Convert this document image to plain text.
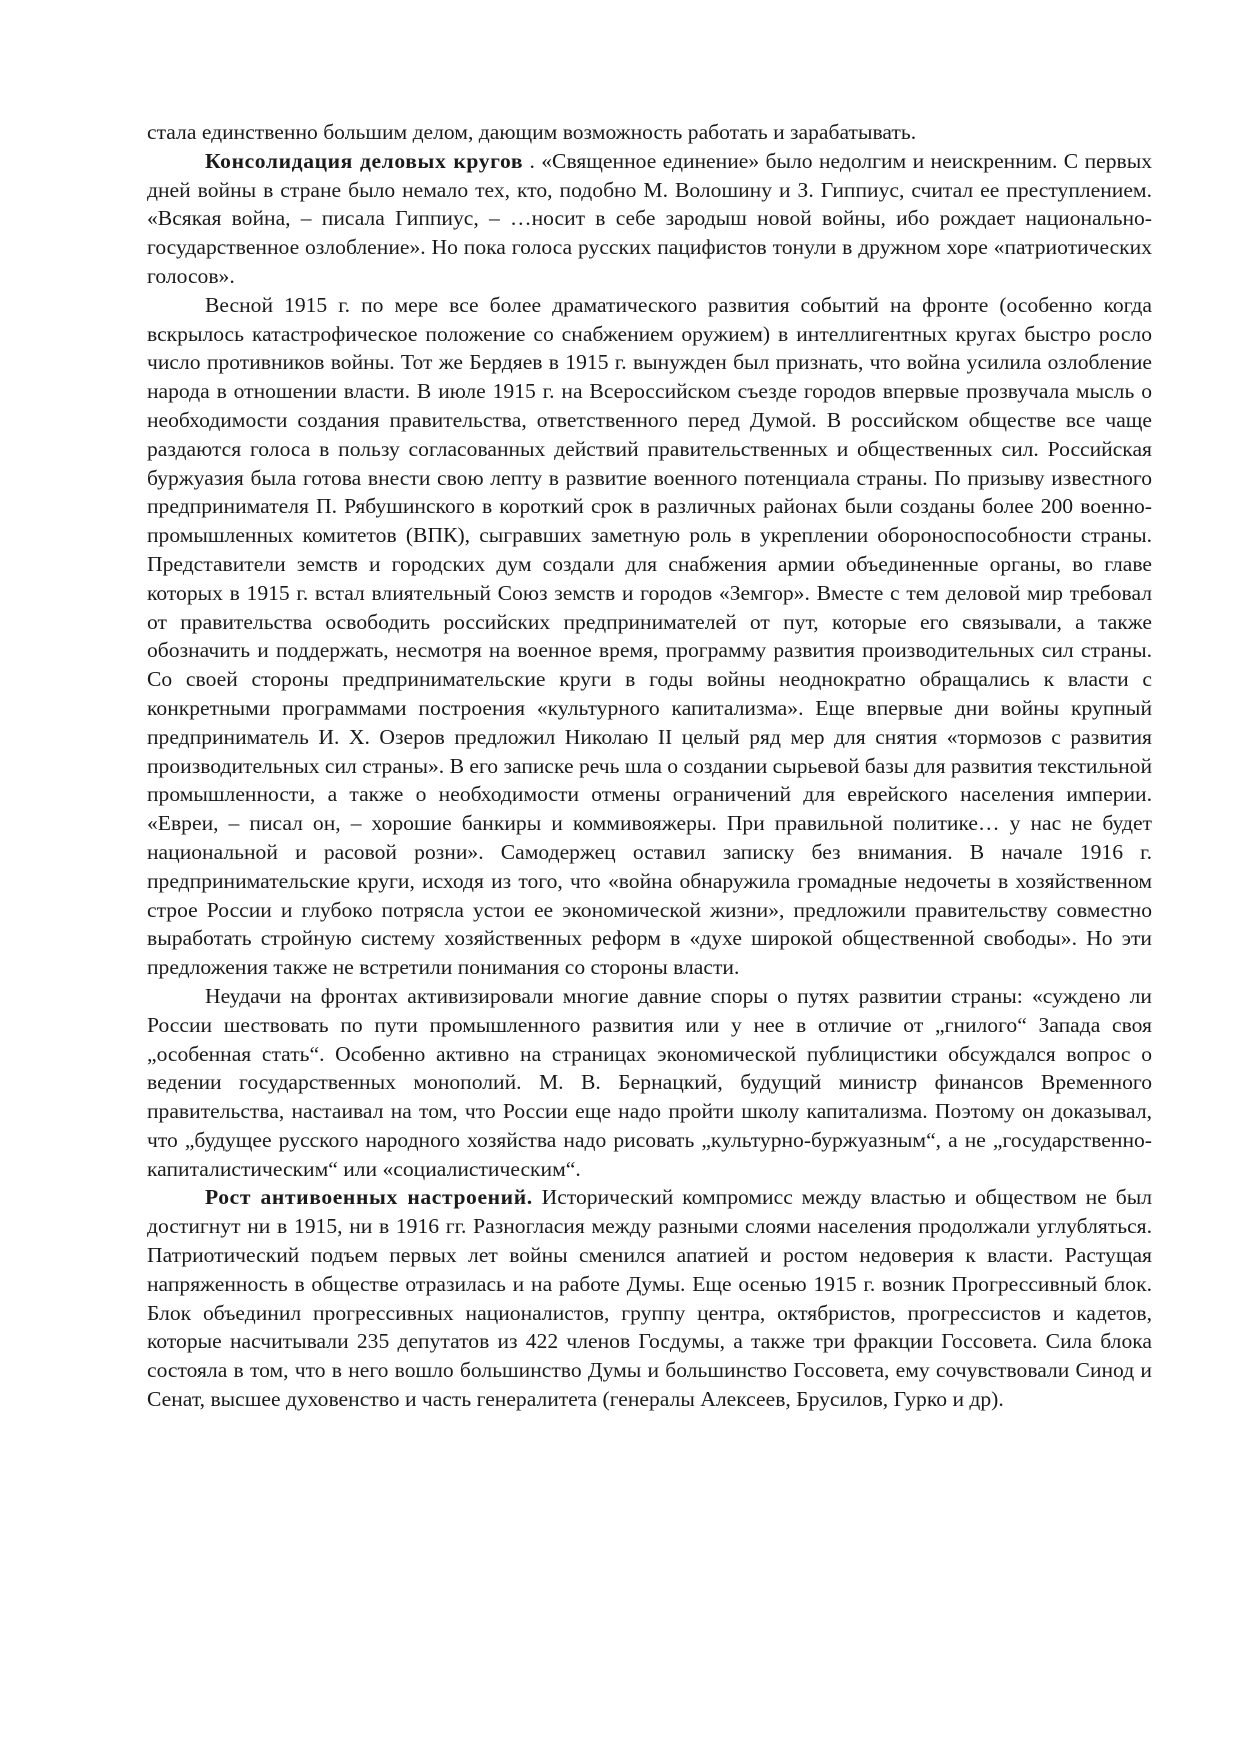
стала единственно большим делом, дающим возможность работать и зарабатывать.

Консолидация деловых кругов . «Священное единение» было недолгим и неискренним. С первых дней войны в стране было немало тех, кто, подобно М. Волошину и З. Гиппиус, считал ее преступлением. «Всякая война, – писала Гиппиус, – …носит в себе зародыш новой войны, ибо рождает национально-государственное озлобление». Но пока голоса русских пацифистов тонули в дружном хоре «патриотических голосов».

Весной 1915 г. по мере все более драматического развития событий на фронте (особенно когда вскрылось катастрофическое положение со снабжением оружием) в интеллигентных кругах быстро росло число противников войны. Тот же Бердяев в 1915 г. вынужден был признать, что война усилила озлобление народа в отношении власти. В июле 1915 г. на Всероссийском съезде городов впервые прозвучала мысль о необходимости создания правительства, ответственного перед Думой. В российском обществе все чаще раздаются голоса в пользу согласованных действий правительственных и общественных сил. Российская буржуазия была готова внести свою лепту в развитие военного потенциала страны. По призыву известного предпринимателя П. Рябушинского в короткий срок в различных районах были созданы более 200 военно-промышленных комитетов (ВПК), сыгравших заметную роль в укреплении обороноспособности страны. Представители земств и городских дум создали для снабжения армии объединенные органы, во главе которых в 1915 г. встал влиятельный Союз земств и городов «Земгор». Вместе с тем деловой мир требовал от правительства освободить российских предпринимателей от пут, которые его связывали, а также обозначить и поддержать, несмотря на военное время, программу развития производительных сил страны. Со своей стороны предпринимательские круги в годы войны неоднократно обращались к власти с конкретными программами построения «культурного капитализма». Еще впервые дни войны крупный предприниматель И. Х. Озеров предложил Николаю II целый ряд мер для снятия «тормозов с развития производительных сил страны». В его записке речь шла о создании сырьевой базы для развития текстильной промышленности, а также о необходимости отмены ограничений для еврейского населения империи. «Евреи, – писал он, – хорошие банкиры и коммивояжеры. При правильной политике… у нас не будет национальной и расовой розни». Самодержец оставил записку без внимания. В начале 1916 г. предпринимательские круги, исходя из того, что «война обнаружила громадные недочеты в хозяйственном строе России и глубоко потрясла устои ее экономической жизни», предложили правительству совместно выработать стройную систему хозяйственных реформ в «духе широкой общественной свободы». Но эти предложения также не встретили понимания со стороны власти.

Неудачи на фронтах активизировали многие давние споры о путях развитии страны: «суждено ли России шествовать по пути промышленного развития или у нее в отличие от „гнилого“ Запада своя „особенная стать“. Особенно активно на страницах экономической публицистики обсуждался вопрос о ведении государственных монополий. М. В. Бернацкий, будущий министр финансов Временного правительства, настаивал на том, что России еще надо пройти школу капитализма. Поэтому он доказывал, что „будущее русского народного хозяйства надо рисовать „культурно-буржуазным“, а не „государственно-капиталистическим“ или «социалистическим“.

Рост антивоенных настроений. Исторический компромисс между властью и обществом не был достигнут ни в 1915, ни в 1916 гг. Разногласия между разными слоями населения продолжали углубляться. Патриотический подъем первых лет войны сменился апатией и ростом недоверия к власти. Растущая напряженность в обществе отразилась и на работе Думы. Еще осенью 1915 г. возник Прогрессивный блок. Блок объединил прогрессивных националистов, группу центра, октябристов, прогрессистов и кадетов, которые насчитывали 235 депутатов из 422 членов Госдумы, а также три фракции Госсовета. Сила блока состояла в том, что в него вошло большинство Думы и большинство Госсовета, ему сочувствовали Синод и Сенат, высшее духовенство и часть генералитета (генералы Алексеев, Брусилов, Гурко и др).
